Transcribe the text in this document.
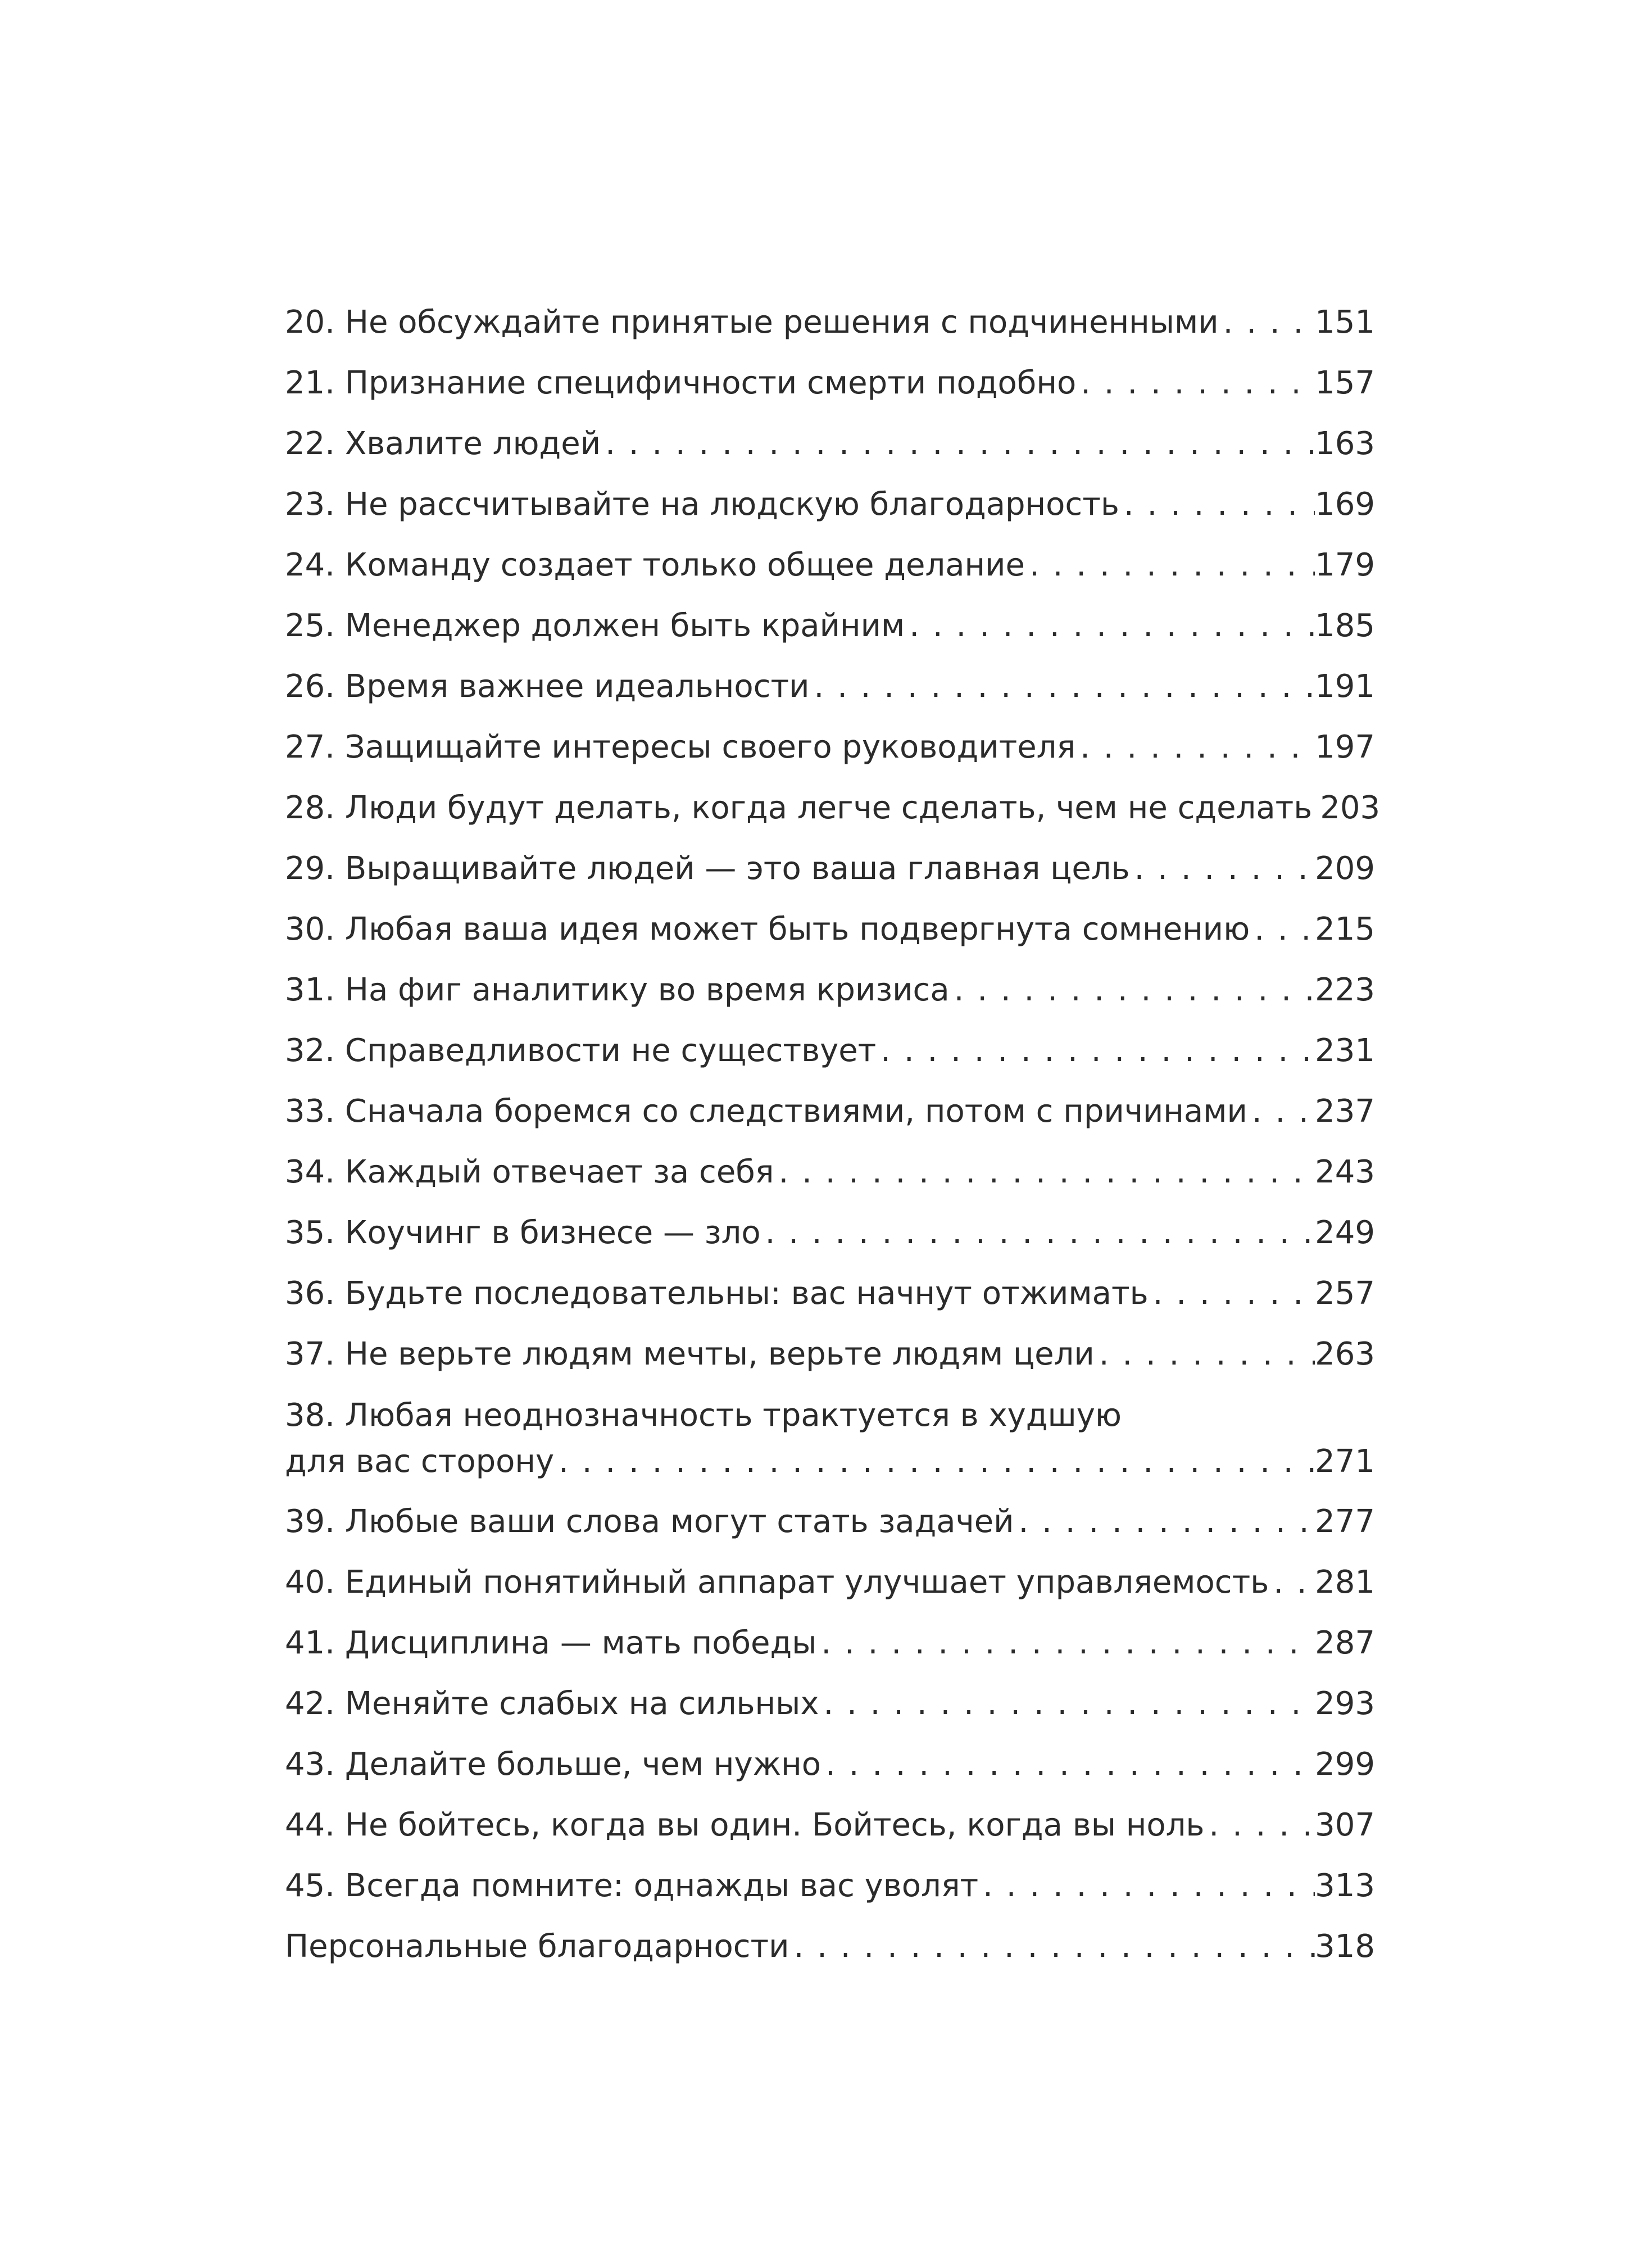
20. Не обсуждайте принятые решения с подчиненными . . .	151
21. Признание специфичности смерти подобно . . .	157
22. Хвалите людей . . .	163
23. Не рассчитывайте на людскую благодарность . . .	169
24. Команду создает только общее делание . . .	179
25. Менеджер должен быть крайним . . .	185
26. Время важнее идеальности . . .	191
27. Защищайте интересы своего руководителя . . .	197
28. Люди будут делать, когда легче сделать, чем не сделать . . . 203
29. Выращивайте людей — это ваша главная цель . . .	209
30. Любая ваша идея может быть подвергнута сомнению . . . 215
31. На фиг аналитику во время кризиса . . .	223
32. Справедливости не существует . . .	231
33. Сначала боремся со следствиями, потом с причинами . . . 237
34. Каждый отвечает за себя . . .	243
35. Коучинг в бизнесе — зло . . .	249
36. Будьте последовательны: вас начнут отжимать . . .	257
37. Не верьте людям мечты, верьте людям цели . . .	263
38. Любая неоднозначность трактуется в худшую
для вас сторону . . .	271
39. Любые ваши слова могут стать задачей . . .	277
40. Единый понятийный аппарат улучшает управляемость . . . 281
41. Дисциплина — мать победы . . .	287
42. Меняйте слабых на сильных . . .	293
43. Делайте больше, чем нужно . . .	299
44. Не бойтесь, когда вы один. Бойтесь, когда вы ноль . . .	307
45. Всегда помните: однажды вас уволят . . .	313
Персональные благодарности . . .	318
